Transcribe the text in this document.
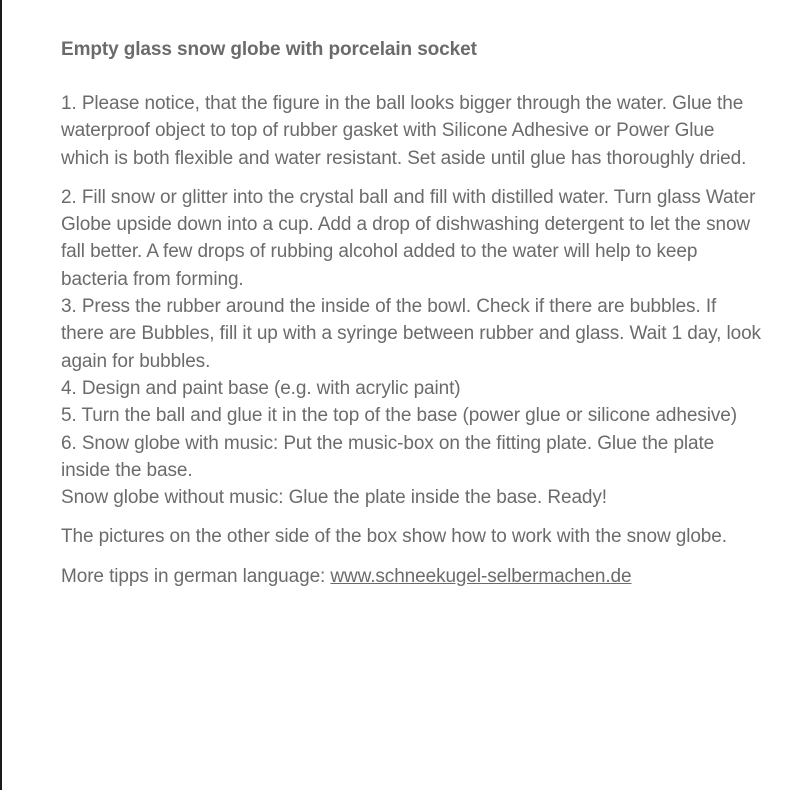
Empty glass snow globe with porcelain socket

1. Please notice, that the figure in the ball looks bigger through the water. Glue the waterproof object to top of rubber gasket with Silicone Adhesive or Power Glue which is both flexible and water resistant. Set aside until glue has thoroughly dried.

2. Fill snow or glitter into the crystal ball and fill with distilled water. Turn glass Water Globe upside down into a cup. Add a drop of dishwashing detergent to let the snow fall better. A few drops of rubbing alcohol added to the water will help to keep bacteria from forming.

3. Press the rubber around the inside of the bowl. Check if there are bubbles. If there are Bubbles, fill it up with a syringe between rubber and glass. Wait 1 day, look again for bubbles.

4. Design and paint base (e.g. with acrylic paint)

5. Turn the ball and glue it in the top of the base (power glue or silicone adhesive)

6. Snow globe with music: Put the music-box on the fitting plate. Glue the plate inside the base.

Snow globe without music: Glue the plate inside the base. Ready!

The pictures on the other side of the box show how to work with the snow globe.

More tipps in german language: www.schneekugel-selbermachen.de
